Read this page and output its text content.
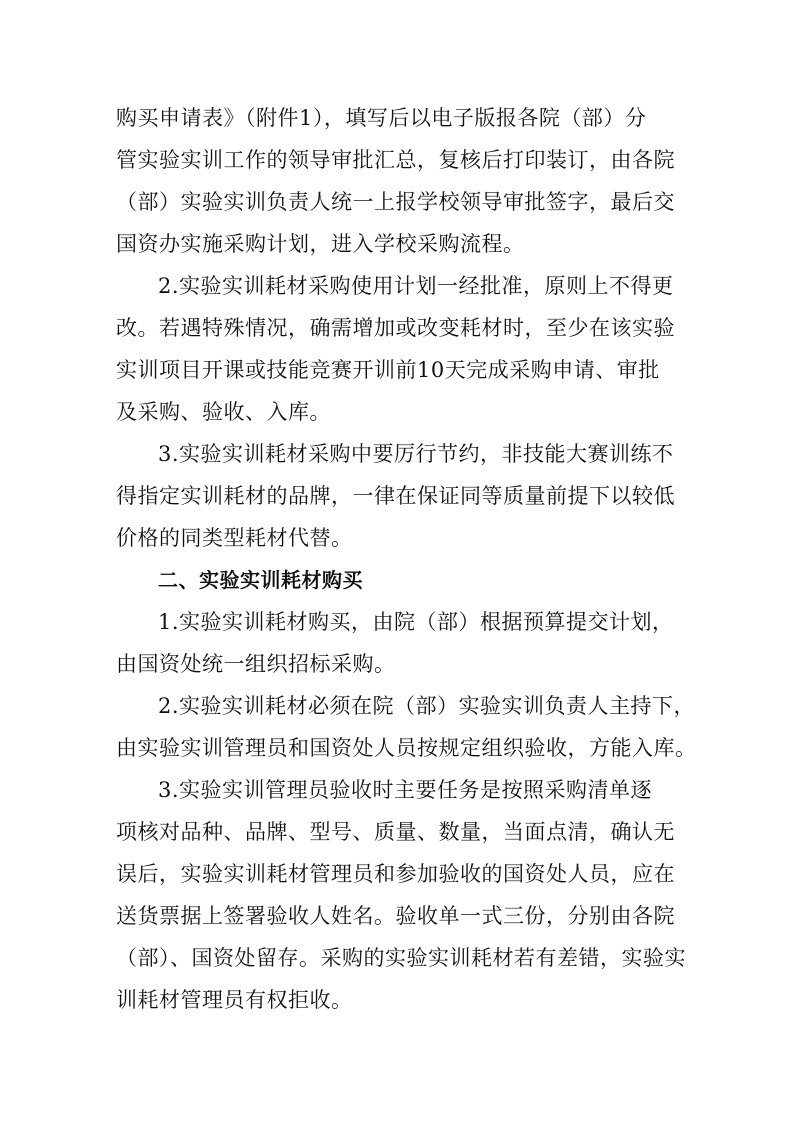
购买申请表》（附件1），填写后以电子版报各院（部）分
管实验实训工作的领导审批汇总，复核后打印装订，由各院
（部）实验实训负责人统一上报学校领导审批签字，最后交
国资办实施采购计划，进入学校采购流程。
2.实验实训耗材采购使用计划一经批准，原则上不得更
改。若遇特殊情况，确需增加或改变耗材时，至少在该实验
实训项目开课或技能竞赛开训前10天完成采购申请、审批
及采购、验收、入库。
3.实验实训耗材采购中要厉行节约，非技能大赛训练不
得指定实训耗材的品牌，一律在保证同等质量前提下以较低
价格的同类型耗材代替。
二、实验实训耗材购买
1.实验实训耗材购买，由院（部）根据预算提交计划，
由国资处统一组织招标采购。
2.实验实训耗材必须在院（部）实验实训负责人主持下，
由实验实训管理员和国资处人员按规定组织验收，方能入库。
3.实验实训管理员验收时主要任务是按照采购清单逐
项核对品种、品牌、型号、质量、数量，当面点清，确认无
误后，实验实训耗材管理员和参加验收的国资处人员，应在
送货票据上签署验收人姓名。验收单一式三份，分别由各院
（部）、国资处留存。采购的实验实训耗材若有差错，实验实
训耗材管理员有权拒收。
